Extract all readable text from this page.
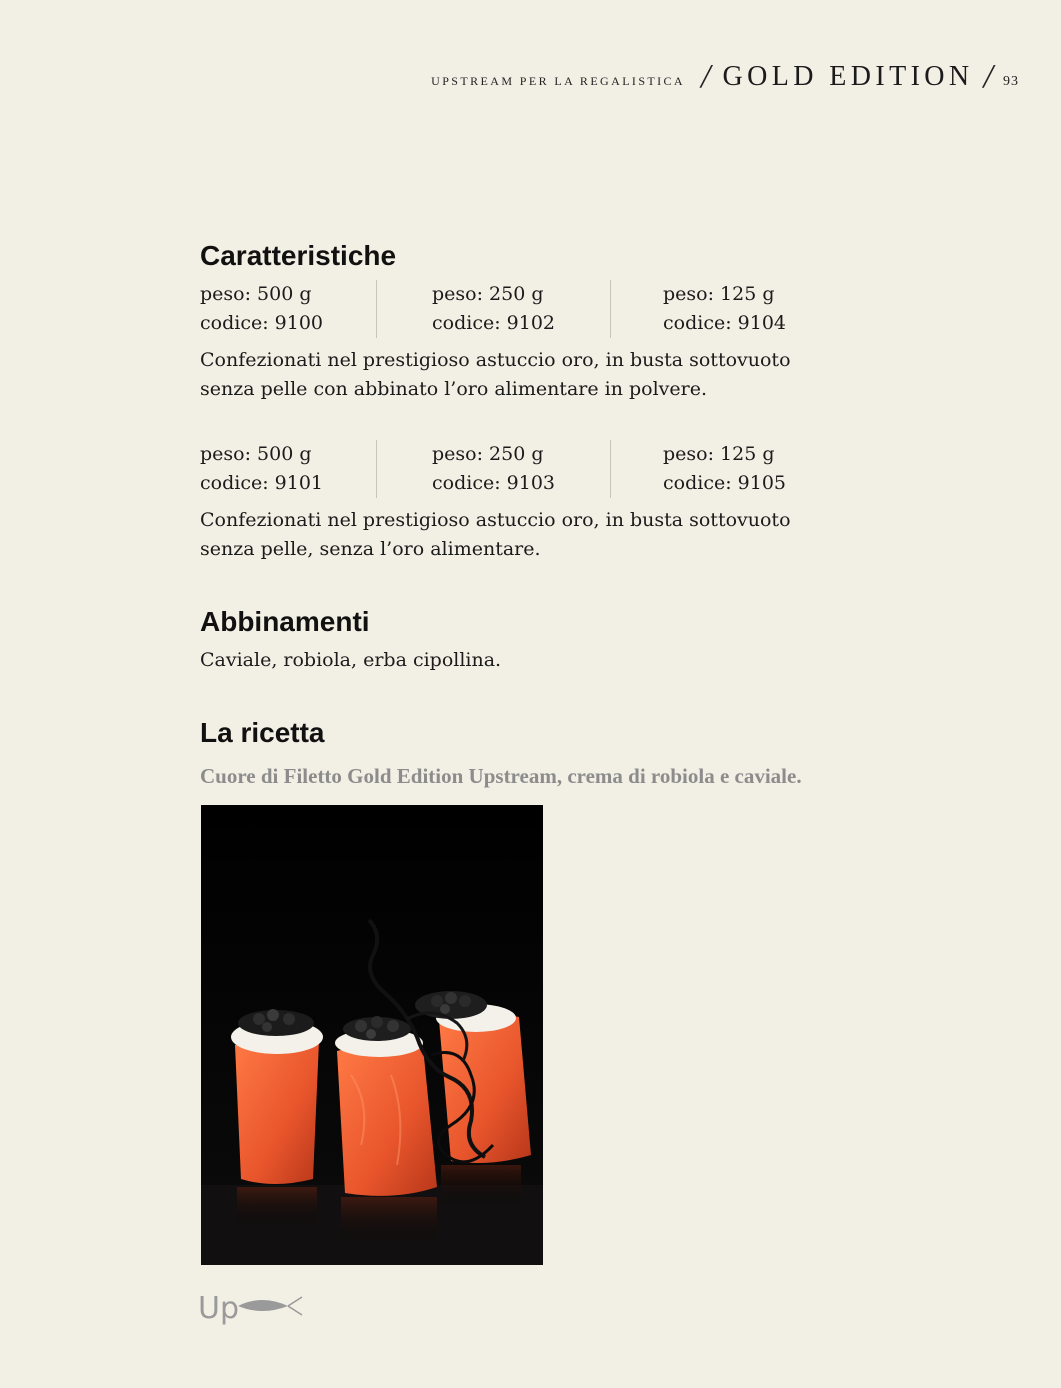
UPSTREAM PER LA REGALISTICA / GOLD EDITION / 93
Caratteristiche
peso: 500 g
codice: 9100
peso: 250 g
codice: 9102
peso: 125 g
codice: 9104

Confezionati nel prestigioso astuccio oro, in busta sottovuoto
senza pelle con abbinato l’oro alimentare in polvere.

peso: 500 g
codice: 9101
peso: 250 g
codice: 9103
peso: 125 g
codice: 9105

Confezionati nel prestigioso astuccio oro, in busta sottovuoto
senza pelle, senza l’oro alimentare.

Abbinamenti
Caviale, robiola, erba cipollina.
La ricetta
Cuore di Filetto Gold Edition Upstream, crema di robiola e caviale.
Up
